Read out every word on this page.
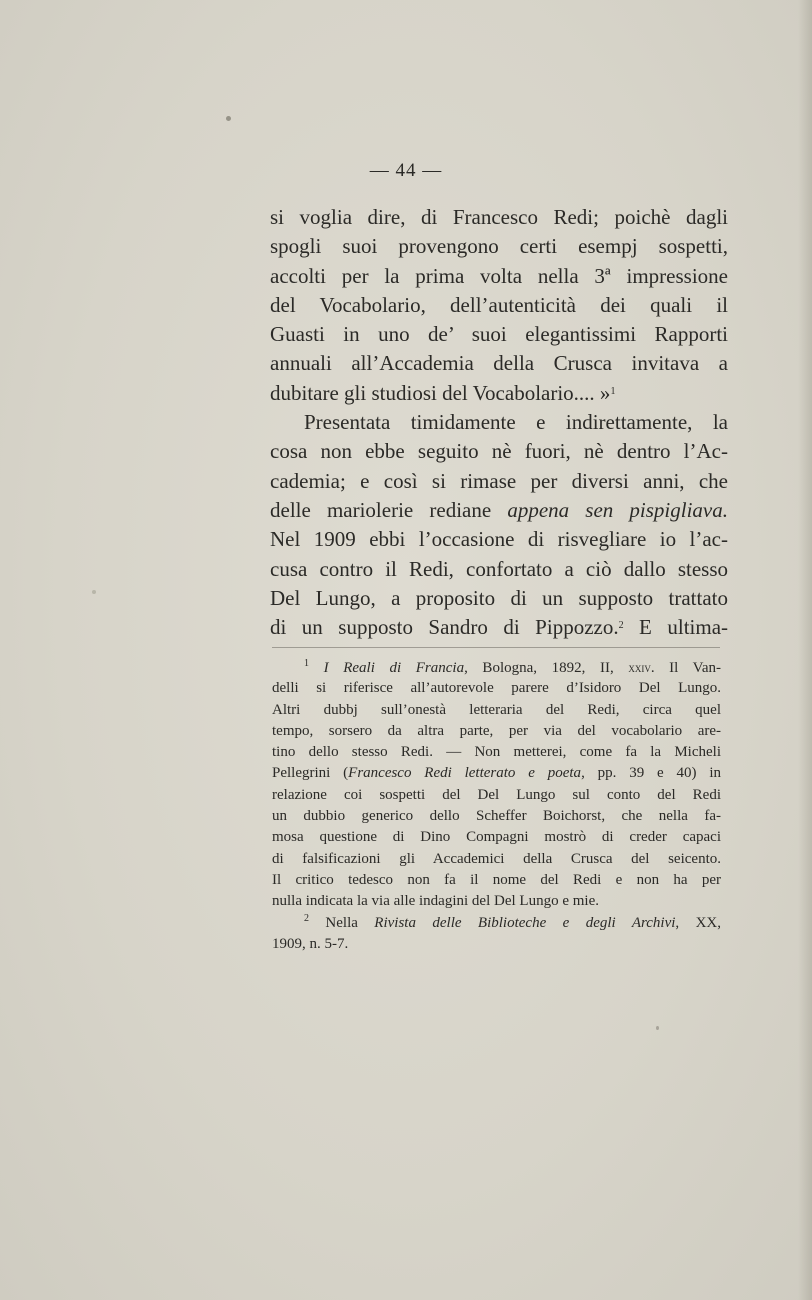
— 44 —
si voglia dire, di Francesco Redi; poichè dagli
spogli suoi provengono certi esempj sospetti,
accolti per la prima volta nella 3ª impressione
del Vocabolario, dell’autenticità dei quali il
Guasti in uno de’ suoi elegantissimi Rapporti
annuali all’Accademia della Crusca invitava a
dubitare gli studiosi del Vocabolario.... »$^1$
Presentata timidamente e indirettamente, la
cosa non ebbe seguito nè fuori, nè dentro l’Ac-
cademia; e così si rimase per diversi anni, che
delle mariolerie rediane appena sen pispigliava.
Nel 1909 ebbi l’occasione di risvegliare io l’ac-
cusa contro il Redi, confortato a ciò dallo stesso
Del Lungo, a proposito di un supposto trattato
di un supposto Sandro di Pippozzo.$^2$ E ultima-
$^1$ I Reali di Francia, Bologna, 1892, II, xxiv. Il Van-
delli si riferisce all’autorevole parere d’Isidoro Del Lungo.
Altri dubbj sull’onestà letteraria del Redi, circa quel
tempo, sorsero da altra parte, per via del vocabolario are-
tino dello stesso Redi. — Non metterei, come fa la Micheli
Pellegrini (Francesco Redi letterato e poeta, pp. 39 e 40) in
relazione coi sospetti del Del Lungo sul conto del Redi
un dubbio generico dello Scheffer Boichorst, che nella fa-
mosa questione di Dino Compagni mostrò di creder capaci
di falsificazioni gli Accademici della Crusca del seicento.
Il critico tedesco non fa il nome del Redi e non ha per
nulla indicata la via alle indagini del Del Lungo e mie.
$^2$ Nella Rivista delle Biblioteche e degli Archivi, XX,
1909, n. 5-7.
